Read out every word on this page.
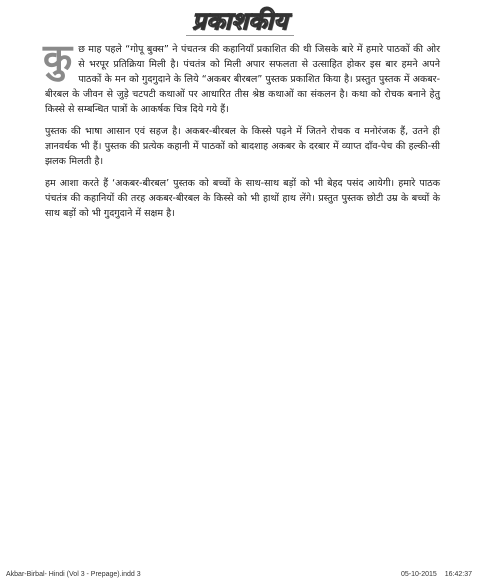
प्रकाशकीय

कुछ माह पहले “गोपू बुक्स” ने पंचतन्त्र की कहानियाँ प्रकाशित की थी जिसके बारे में हमारे पाठकों की ओर से भरपूर प्रतिक्रिया मिली है। पंचतंत्र को मिली अपार सफलता से उत्साहित होकर इस बार हमने अपने पाठकों के मन को गुदगुदाने के लिये “अकबर बीरबल” पुस्तक प्रकाशित किया है। प्रस्तुत पुस्तक में अकबर-बीरबल के जीवन से जुड़े चटपटी कथाओं पर आधारित तीस श्रेष्ठ कथाओं का संकलन है। कथा को रोचक बनाने हेतु किस्से से सम्बन्धित पात्रों के आकर्षक चित्र दिये गये हैं।

पुस्तक की भाषा आसान एवं सहज है। अकबर-बीरबल के किस्से पढ़ने में जितने रोचक व मनोरंजक हैं, उतने ही ज्ञानवर्धक भी हैं। पुस्तक की प्रत्येक कहानी में पाठकों को बादशाह अकबर के दरबार में व्याप्त दाँव-पेच की हल्की-सी झलक मिलती है।

हम आशा करते हैं ‘अकबर-बीरबल’ पुस्तक को बच्चों के साथ-साथ बड़ों को भी बेहद पसंद आयेगी। हमारे पाठक पंचतंत्र की कहानियों की तरह अकबर-बीरबल के किस्से को भी हाथों हाथ लेंगे। प्रस्तुत पुस्तक छोटी उम्र के बच्चों के साथ बड़ों को भी गुदगुदाने में सक्षम है।

Akbar-Birbal- Hindi (Vol 3 - Prepage).indd 3	05-10-2015 16:42:37
